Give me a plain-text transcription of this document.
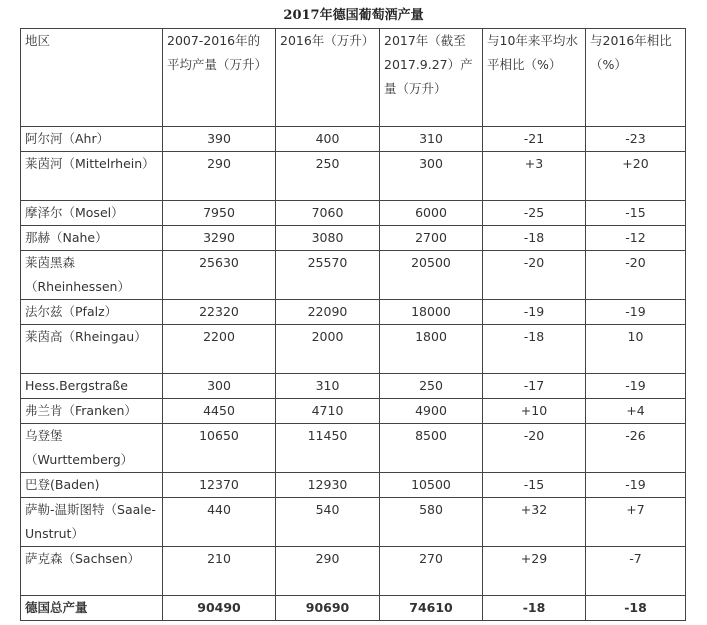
2017年德国葡萄酒产量
地区	2007-2016年的平均产量（万升）	2016年（万升）	2017年（截至2017.9.27）产量（万升）	与10年来平均水平相比（%）	与2016年相比（%）
阿尔河（Ahr）	390	400	310	-21	-23
莱茵河（Mittelrhein）	290	250	300	+3	+20
摩泽尔（Mosel）	7950	7060	6000	-25	-15
那赫（Nahe）	3290	3080	2700	-18	-12
莱茵黑森（Rheinhessen）	25630	25570	20500	-20	-20
法尔兹（Pfalz）	22320	22090	18000	-19	-19
莱茵高（Rheingau）	2200	2000	1800	-18	10
Hess.Bergstraße	300	310	250	-17	-19
弗兰肯（Franken）	4450	4710	4900	+10	+4
乌登堡（Wurttemberg）	10650	11450	8500	-20	-26
巴登(Baden)	12370	12930	10500	-15	-19
萨勒-温斯图特（Saale-Unstrut）	440	540	580	+32	+7
萨克森（Sachsen）	210	290	270	+29	-7
德国总产量	90490	90690	74610	-18	-18
